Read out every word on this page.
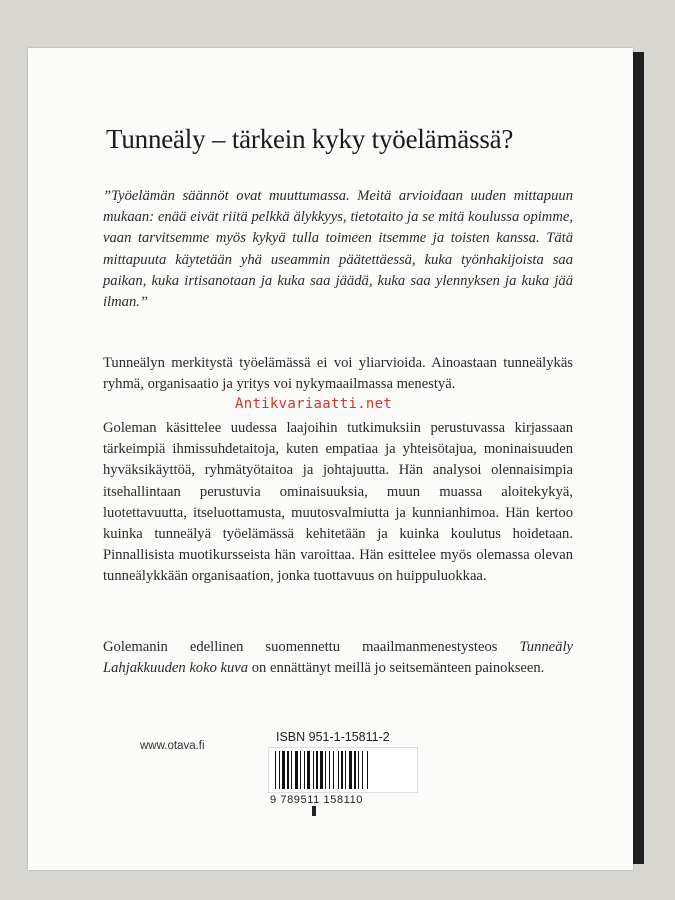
Tunneäly – tärkein kyky työelämässä?
”Työelämän säännöt ovat muuttumassa. Meitä arvioidaan uuden mittapuun mukaan: enää eivät riitä pelkkä älykkyys, tietotaito ja se mitä koulussa opimme, vaan tarvitsemme myös kykyä tulla toimeen itsemme ja toisten kanssa. Tätä mittapuuta käytetään yhä useammin päätettäessä, kuka työnhakijoista saa paikan, kuka irtisanotaan ja kuka saa jäädä, kuka saa ylennyksen ja kuka jää ilman.”
Tunneälyn merkitystä työelämässä ei voi yliarvioida. Ainoastaan tunneälykäs ryhmä, organisaatio ja yritys voi nykymaailmassa menestyä.
Antikvariaatti.net
Goleman käsittelee uudessa laajoihin tutkimuksiin perustuvassa kirjassaan tärkeimpiä ihmissuhdetaitoja, kuten empatiaa ja yhteisötajua, moninaisuuden hyväksikäyttöä, ryhmätyötaitoa ja johtajuutta. Hän analysoi olennaisimpia itsehallintaan perustuvia ominaisuuksia, muun muassa aloitekykyä, luotettavuutta, itseluottamusta, muutosvalmiutta ja kunnianhimoa. Hän kertoo kuinka tunneälyä työelämässä kehitetään ja kuinka koulutus hoidetaan. Pinnallisista muotikursseista hän varoittaa. Hän esittelee myös olemassa olevan tunneälykkään organisaation, jonka tuottavuus on huippuluokkaa.
Golemanin edellinen suomennettu maailmanmenestysteos Tunneäly Lahjakkuuden koko kuva on ennättänyt meillä jo seitsemänteen painokseen.
www.otava.fi
ISBN 951-1-15811-2
9 789511 158110
